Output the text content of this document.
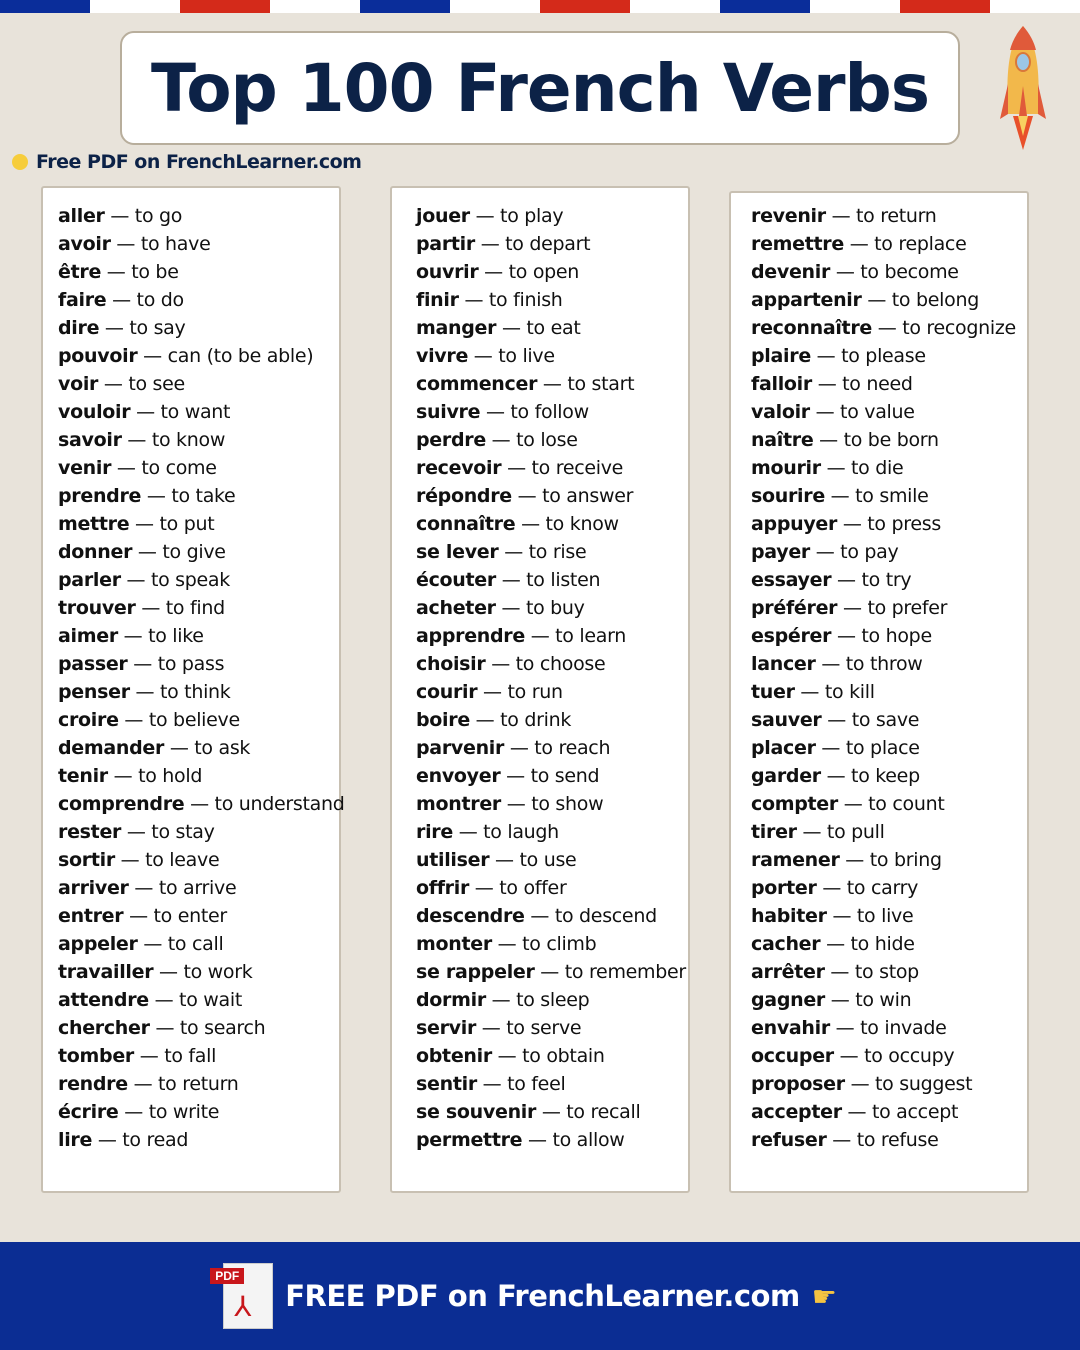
Top 100 French Verbs
Free PDF on FrenchLearner.com
aller — to go
avoir — to have
être — to be
faire — to do
dire — to say
pouvoir — can (to be able)
voir — to see
vouloir — to want
savoir — to know
venir — to come
prendre — to take
mettre — to put
donner — to give
parler — to speak
trouver — to find
aimer — to like
passer — to pass
penser — to think
croire — to believe
demander — to ask
tenir — to hold
comprendre — to understand
rester — to stay
sortir — to leave
arriver — to arrive
entrer — to enter
appeler — to call
travailler — to work
attendre — to wait
chercher — to search
tomber — to fall
rendre — to return
écrire — to write
lire — to read
jouer — to play
partir — to depart
ouvrir — to open
finir — to finish
manger — to eat
vivre — to live
commencer — to start
suivre — to follow
perdre — to lose
recevoir — to receive
répondre — to answer
connaître — to know
se lever — to rise
écouter — to listen
acheter — to buy
apprendre — to learn
choisir — to choose
courir — to run
boire — to drink
parvenir — to reach
envoyer — to send
montrer — to show
rire — to laugh
utiliser — to use
offrir — to offer
descendre — to descend
monter — to climb
se rappeler — to remember
dormir — to sleep
servir — to serve
obtenir — to obtain
sentir — to feel
se souvenir — to recall
permettre — to allow
revenir — to return
remettre — to replace
devenir — to become
appartenir — to belong
reconnaître — to recognize
plaire — to please
falloir — to need
valoir — to value
naître — to be born
mourir — to die
sourire — to smile
appuyer — to press
payer — to pay
essayer — to try
préférer — to prefer
espérer — to hope
lancer — to throw
tuer — to kill
sauver — to save
placer — to place
garder — to keep
compter — to count
tirer — to pull
ramener — to bring
porter — to carry
habiter — to live
cacher — to hide
arrêter — to stop
gagner — to win
envahir — to invade
occuper — to occupy
proposer — to suggest
accepter — to accept
refuser — to refuse
PDF
⅄ FREE PDF on FrenchLearner.com ☛
